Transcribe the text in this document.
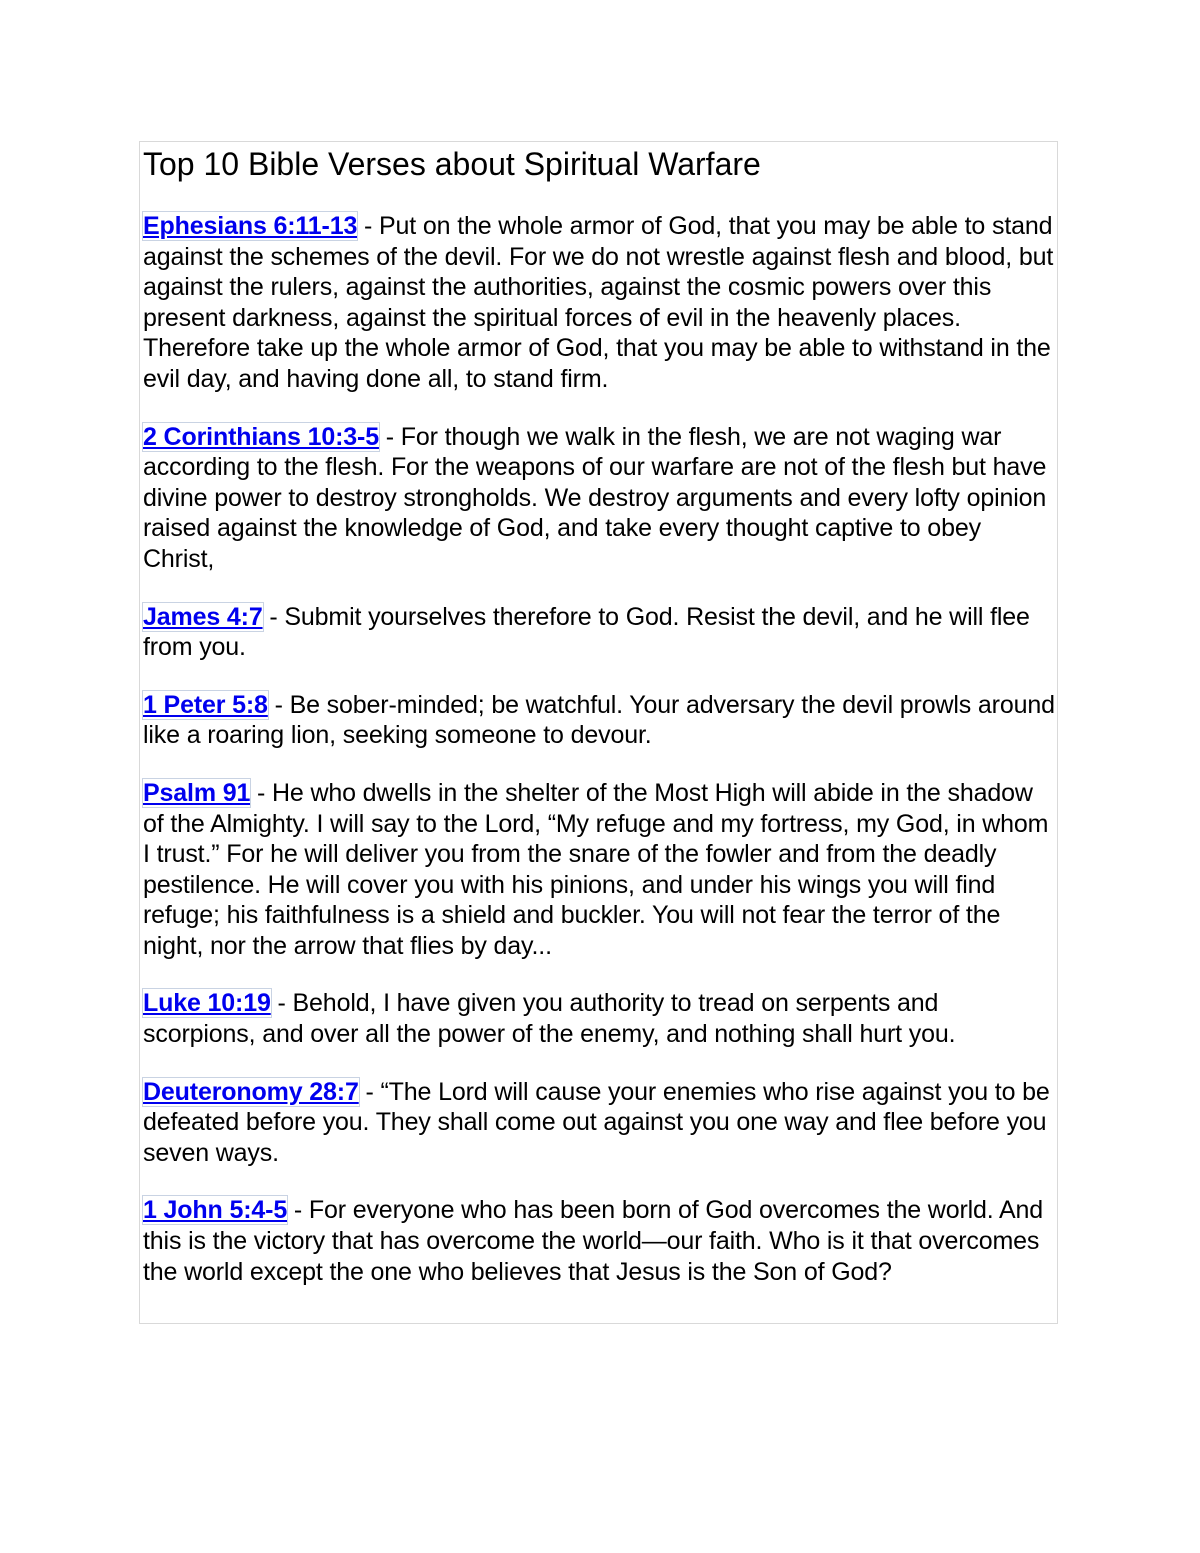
Top 10 Bible Verses about Spiritual Warfare

Ephesians 6:11-13 - Put on the whole armor of God, that you may be able to stand against the schemes of the devil. For we do not wrestle against flesh and blood, but against the rulers, against the authorities, against the cosmic powers over this present darkness, against the spiritual forces of evil in the heavenly places. Therefore take up the whole armor of God, that you may be able to withstand in the evil day, and having done all, to stand firm.

2 Corinthians 10:3-5 - For though we walk in the flesh, we are not waging war according to the flesh. For the weapons of our warfare are not of the flesh but have divine power to destroy strongholds. We destroy arguments and every lofty opinion raised against the knowledge of God, and take every thought captive to obey Christ,

James 4:7 - Submit yourselves therefore to God. Resist the devil, and he will flee from you.

1 Peter 5:8 - Be sober-minded; be watchful. Your adversary the devil prowls around like a roaring lion, seeking someone to devour.

Psalm 91 - He who dwells in the shelter of the Most High will abide in the shadow of the Almighty. I will say to the Lord, “My refuge and my fortress, my God, in whom I trust.” For he will deliver you from the snare of the fowler and from the deadly pestilence. He will cover you with his pinions, and under his wings you will find refuge; his faithfulness is a shield and buckler. You will not fear the terror of the night, nor the arrow that flies by day...

Luke 10:19 - Behold, I have given you authority to tread on serpents and scorpions, and over all the power of the enemy, and nothing shall hurt you.

Deuteronomy 28:7 - “The Lord will cause your enemies who rise against you to be defeated before you. They shall come out against you one way and flee before you seven ways.

1 John 5:4-5 - For everyone who has been born of God overcomes the world. And this is the victory that has overcome the world—our faith. Who is it that overcomes the world except the one who believes that Jesus is the Son of God?
